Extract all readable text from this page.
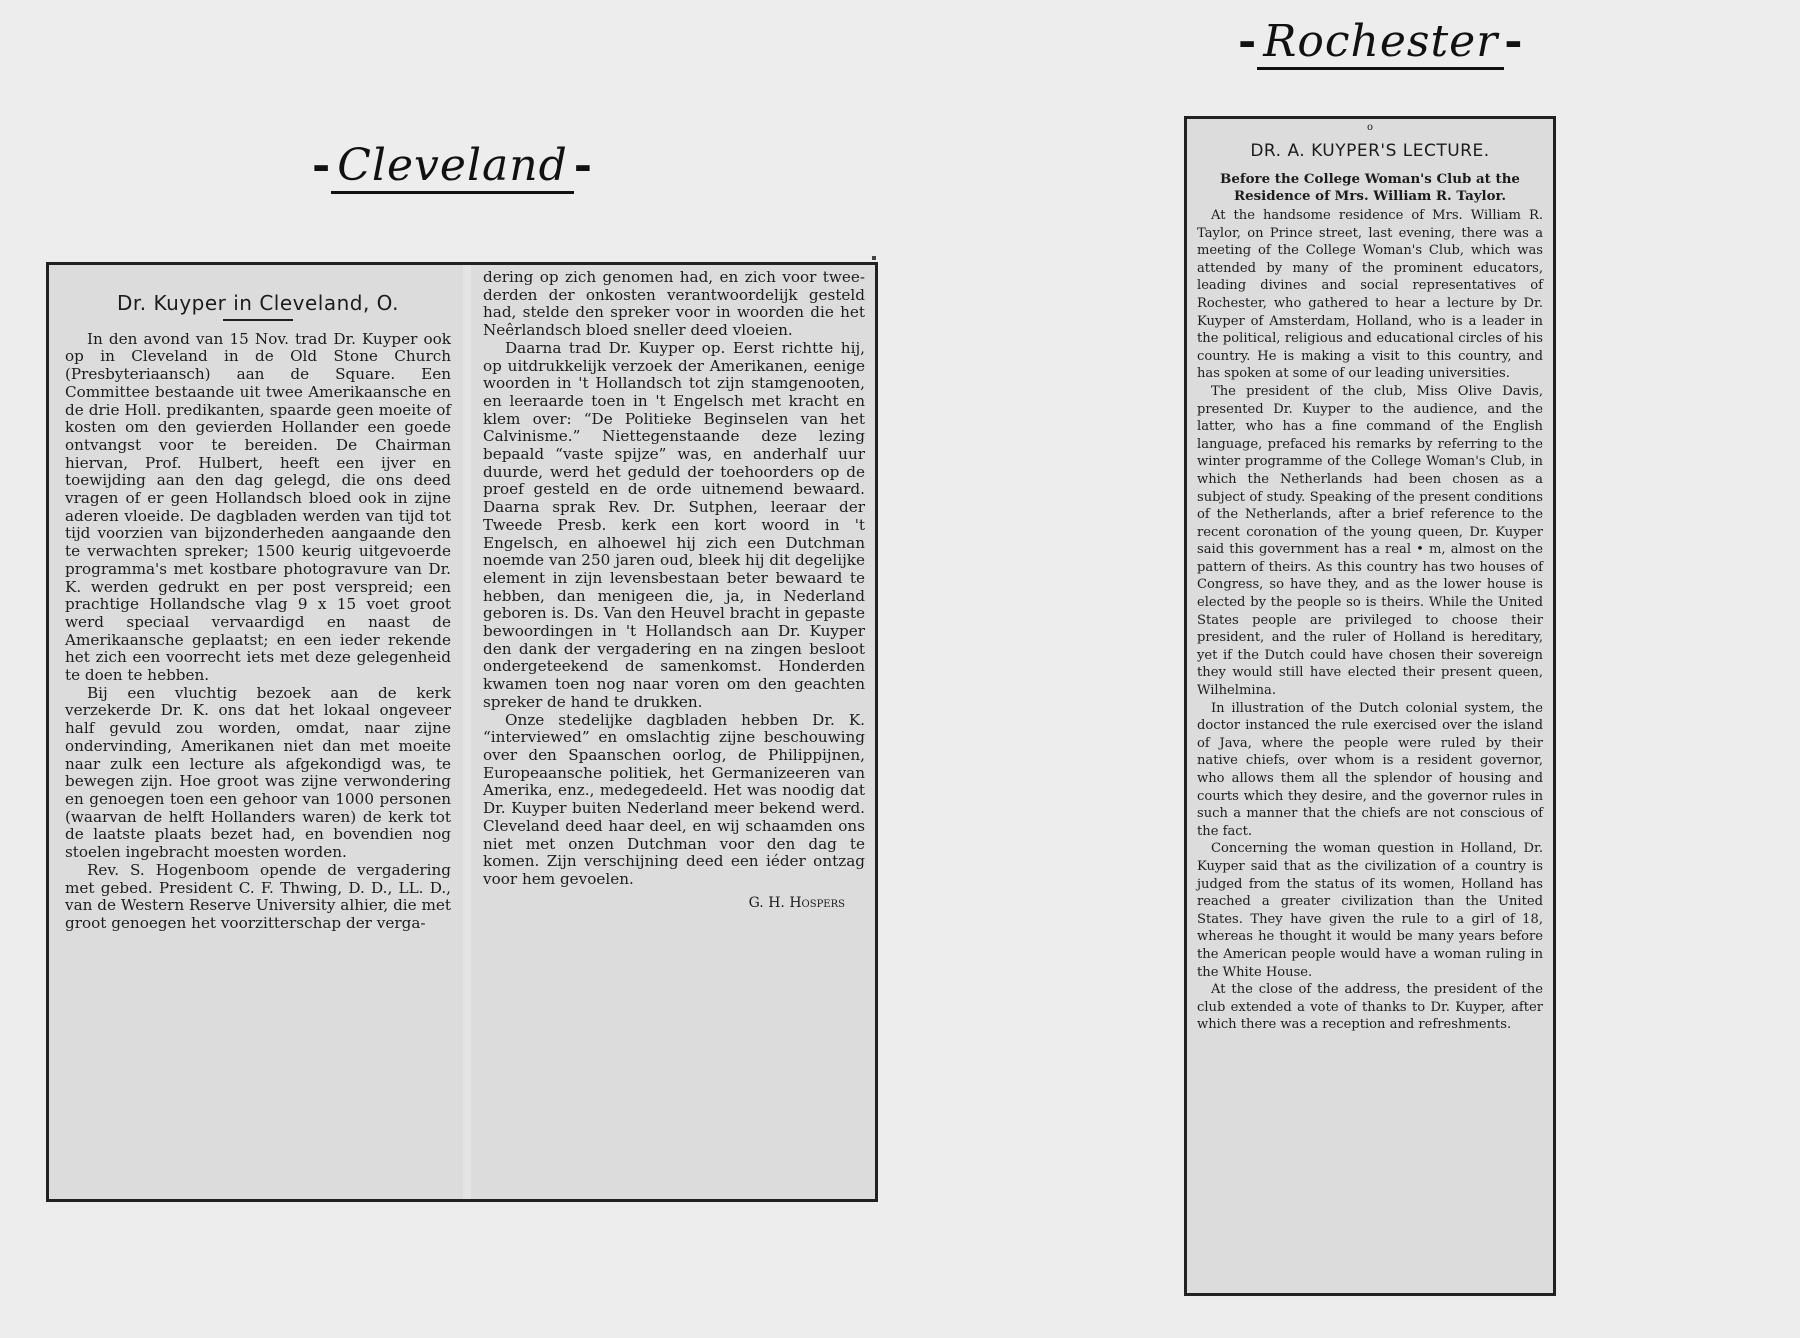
- Cleveland -
- Rochester -
Dr. Kuyper in Cleveland, O.

In den avond van 15 Nov. trad Dr. Kuyper ook op in Cleveland in de Old Stone Church (Presbyteriaansch) aan de Square. Een Committee bestaande uit twee Amerikaansche en de drie Holl. predikanten, spaarde geen moeite of kosten om den gevierden Hollander een goede ontvangst voor te bereiden. De Chairman hiervan, Prof. Hulbert, heeft een ijver en toewijding aan den dag gelegd, die ons deed vragen of er geen Hollandsch bloed ook in zijne aderen vloeide. De dagbladen werden van tijd tot tijd voorzien van bijzonderheden aangaande den te verwachten spreker; 1500 keurig uitgevoerde programma's met kostbare photogravure van Dr. K. werden gedrukt en per post verspreid; een prachtige Hollandsche vlag 9 x 15 voet groot werd speciaal vervaardigd en naast de Amerikaansche geplaatst; en een ieder rekende het zich een voorrecht iets met deze gelegenheid te doen te hebben.

Bij een vluchtig bezoek aan de kerk verzekerde Dr. K. ons dat het lokaal ongeveer half gevuld zou worden, omdat, naar zijne ondervinding, Amerikanen niet dan met moeite naar zulk een lecture als afgekondigd was, te bewegen zijn. Hoe groot was zijne verwondering en genoegen toen een gehoor van 1000 personen (waarvan de helft Hollanders waren) de kerk tot de laatste plaats bezet had, en bovendien nog stoelen ingebracht moesten worden.

Rev. S. Hogenboom opende de vergadering met gebed. President C. F. Thwing, D. D., LL. D., van de Western Reserve University alhier, die met groot genoegen het voorzitterschap der verga-

dering op zich genomen had, en zich voor twee-derden der onkosten verantwoordelijk gesteld had, stelde den spreker voor in woorden die het Neêrlandsch bloed sneller deed vloeien.

Daarna trad Dr. Kuyper op. Eerst richtte hij, op uitdrukkelijk verzoek der Amerikanen, eenige woorden in 't Hollandsch tot zijn stamgenooten, en leeraarde toen in 't Engelsch met kracht en klem over: “De Politieke Beginselen van het Calvinisme.” Niettegenstaande deze lezing bepaald “vaste spijze” was, en anderhalf uur duurde, werd het geduld der toehoorders op de proef gesteld en de orde uitnemend bewaard. Daarna sprak Rev. Dr. Sutphen, leeraar der Tweede Presb. kerk een kort woord in 't Engelsch, en alhoewel hij zich een Dutchman noemde van 250 jaren oud, bleek hij dit degelijke element in zijn levensbestaan beter bewaard te hebben, dan menigeen die, ja, in Nederland geboren is. Ds. Van den Heuvel bracht in gepaste bewoordingen in 't Hollandsch aan Dr. Kuyper den dank der vergadering en na zingen besloot ondergeteekend de samenkomst. Honderden kwamen toen nog naar voren om den geachten spreker de hand te drukken.

Onze stedelijke dagbladen hebben Dr. K. “interviewed” en omslachtig zijne beschouwing over den Spaanschen oorlog, de Philippijnen, Europeaansche politiek, het Germanizeeren van Amerika, enz., medegedeeld. Het was noodig dat Dr. Kuyper buiten Nederland meer bekend werd. Cleveland deed haar deel, en wij schaamden ons niet met onzen Dutchman voor den dag te komen. Zijn verschijning deed een iéder ontzag voor hem gevoelen.

G. H. Hospers

o
DR. A. KUYPER'S LECTURE.
Before the College Woman's Club at the Residence of Mrs. William R. Taylor.

At the handsome residence of Mrs. William R. Taylor, on Prince street, last evening, there was a meeting of the College Woman's Club, which was attended by many of the prominent educators, leading divines and social representatives of Rochester, who gathered to hear a lecture by Dr. Kuyper of Amsterdam, Holland, who is a leader in the political, religious and educational circles of his country. He is making a visit to this country, and has spoken at some of our leading universities.

The president of the club, Miss Olive Davis, presented Dr. Kuyper to the audience, and the latter, who has a fine command of the English language, prefaced his remarks by referring to the winter programme of the College Woman's Club, in which the Netherlands had been chosen as a subject of study. Speaking of the present conditions of the Netherlands, after a brief reference to the recent coronation of the young queen, Dr. Kuyper said this government has a real • m, almost on the pattern of theirs. As this country has two houses of Congress, so have they, and as the lower house is elected by the people so is theirs. While the United States people are privileged to choose their president, and the ruler of Holland is hereditary, yet if the Dutch could have chosen their sovereign they would still have elected their present queen, Wilhelmina.

In illustration of the Dutch colonial system, the doctor instanced the rule exercised over the island of Java, where the people were ruled by their native chiefs, over whom is a resident governor, who allows them all the splendor of housing and courts which they desire, and the governor rules in such a manner that the chiefs are not conscious of the fact.

Concerning the woman question in Holland, Dr. Kuyper said that as the civilization of a country is judged from the status of its women, Holland has reached a greater civilization than the United States. They have given the rule to a girl of 18, whereas he thought it would be many years before the American people would have a woman ruling in the White House.

At the close of the address, the president of the club extended a vote of thanks to Dr. Kuyper, after which there was a reception and refreshments.
